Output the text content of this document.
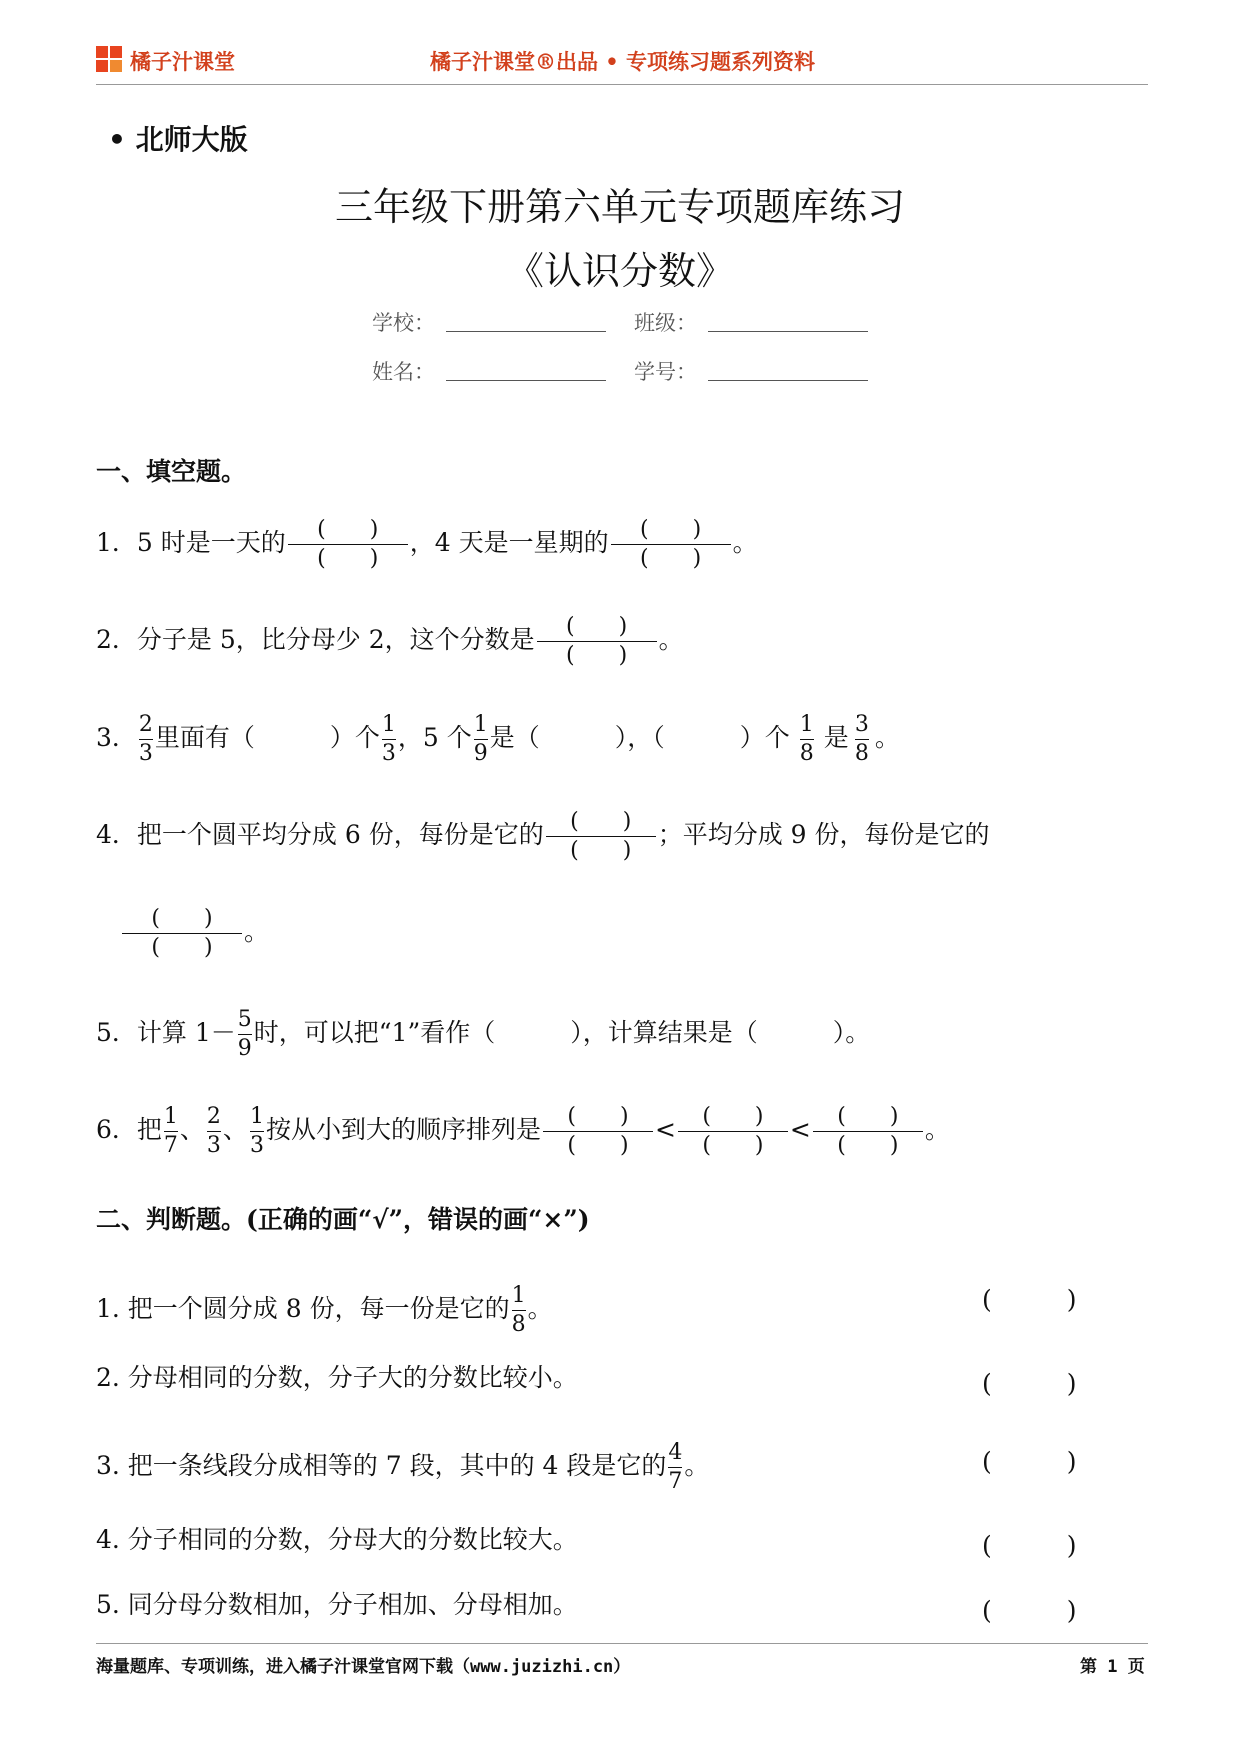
橘子汁课堂	橘子汁课堂®出品 • 专项练习题系列资料
• 北师大版
三年级下册第六单元专项题库练习
《认识分数》
学校：	班级：
姓名：	学号：
一、填空题。
1．5 时是一天的 $\frac{( )}{( )}$ ，4 天是一星期的 $\frac{( )}{( )}$ 。
2．分子是 5，比分母少 2，这个分数是 $\frac{( )}{( )}$ 。
3． $\frac{2}{3}$ 里面有（　　　）个 $\frac{1}{3}$ ，5 个 $\frac{1}{9}$ 是（　　　），（　　　）个 $\frac{1}{8}$ 是 $\frac{3}{8}$ 。
4．把一个圆平均分成 6 份，每份是它的 $\frac{( )}{( )}$ ；平均分成 9 份，每份是它的
$\frac{( )}{( )}$ 。
5．计算 $1- \frac{5}{9}$ 时，可以把“1”看作（　　　），计算结果是（　　　）。
6．把 $\frac{1}{7}$ 、 $\frac{2}{3}$ 、 $\frac{1}{3}$ 按从小到大的顺序排列是 $\frac{( )}{( )} < \frac{( )}{( )} < \frac{( )}{( )}$ 。
二、判断题。(正确的画“√”，错误的画“×”)
1. 把一个圆分成 8 份，每一份是它的 $\frac{1}{8}$ 。	(　　　)
2. 分母相同的分数，分子大的分数比较小。	(　　　)
3. 把一条线段分成相等的 7 段，其中的 4 段是它的 $\frac{4}{7}$ 。	(　　　)
4. 分子相同的分数，分母大的分数比较大。	(　　　)
5. 同分母分数相加，分子相加、分母相加。	(　　　)
海量题库、专项训练，进入橘子汁课堂官网下载（www.juzizhi.cn）	第 1 页
